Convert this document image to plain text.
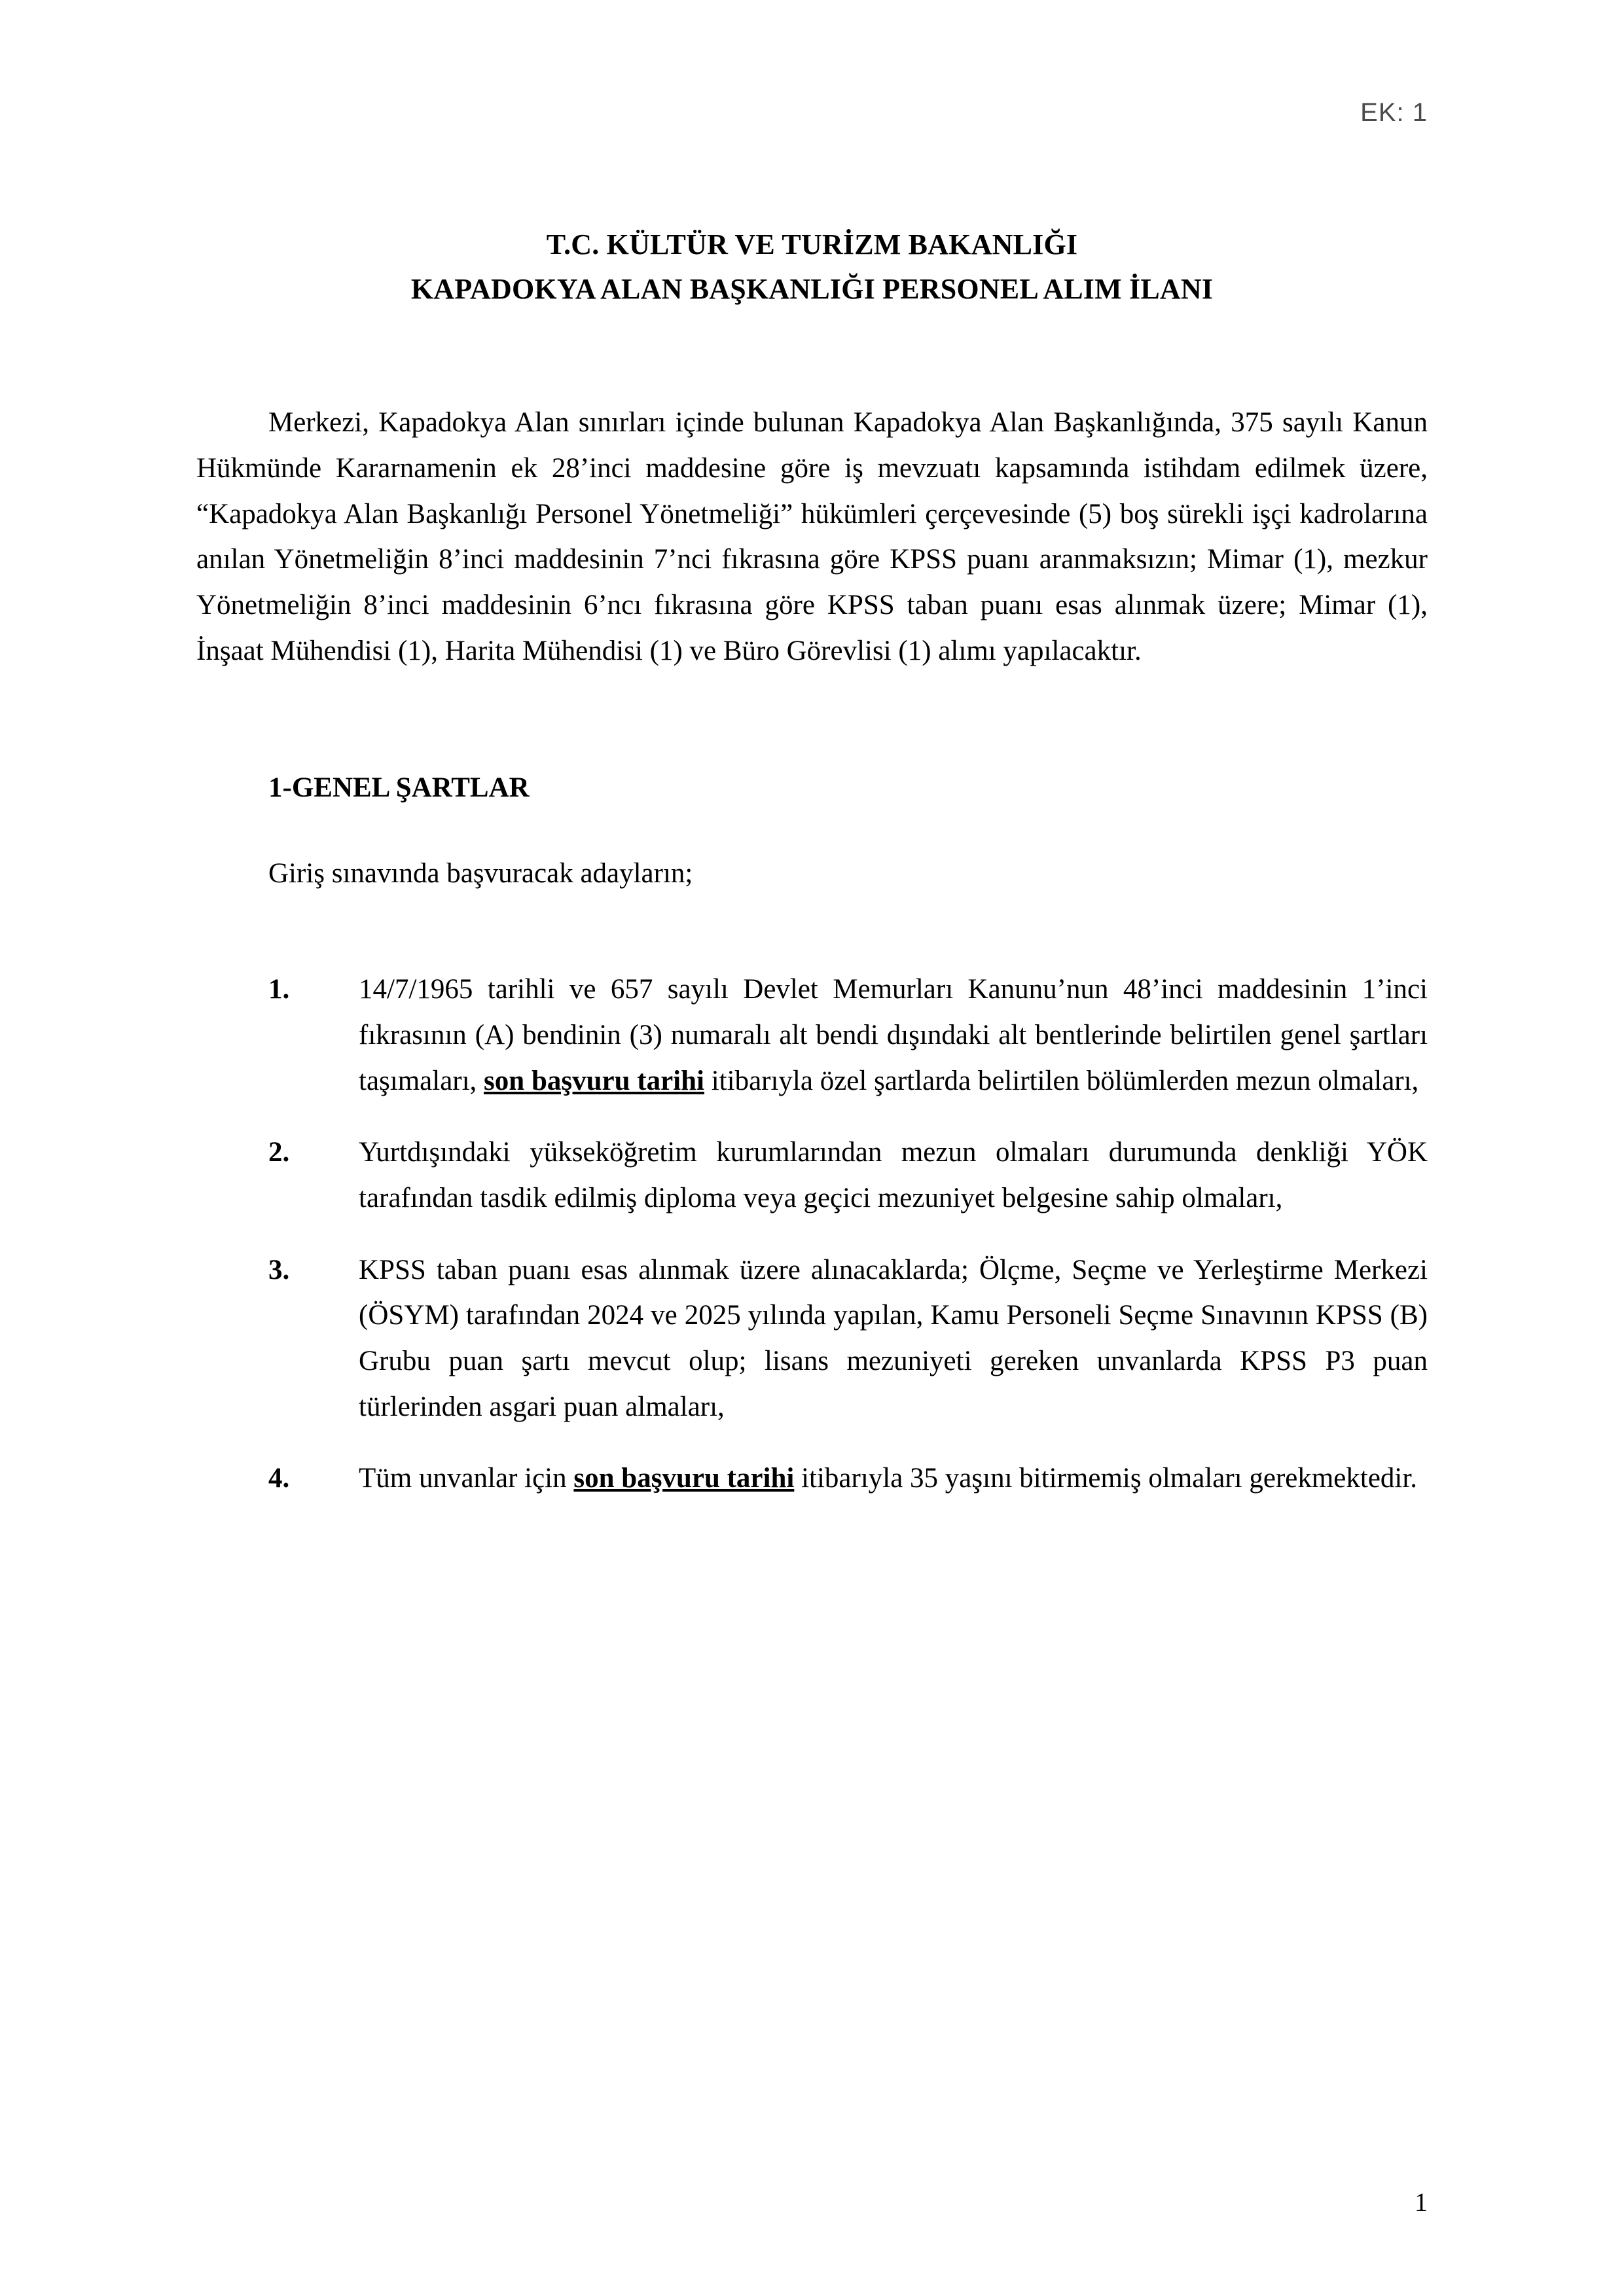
EK: 1
T.C. KÜLTÜR VE TURİZM BAKANLIĞI
KAPADOKYA ALAN BAŞKANLIĞI PERSONEL ALIM İLANI

Merkezi, Kapadokya Alan sınırları içinde bulunan Kapadokya Alan Başkanlığında, 375 sayılı Kanun Hükmünde Kararnamenin ek 28’inci maddesine göre iş mevzuatı kapsamında istihdam edilmek üzere, “Kapadokya Alan Başkanlığı Personel Yönetmeliği” hükümleri çerçevesinde (5) boş sürekli işçi kadrolarına anılan Yönetmeliğin 8’inci maddesinin 7’nci fıkrasına göre KPSS puanı aranmaksızın; Mimar (1), mezkur Yönetmeliğin 8’inci maddesinin 6’ncı fıkrasına göre KPSS taban puanı esas alınmak üzere; Mimar (1), İnşaat Mühendisi (1), Harita Mühendisi (1) ve Büro Görevlisi (1) alımı yapılacaktır.

1-GENEL ŞARTLAR
Giriş sınavında başvuracak adayların;
1.	14/7/1965 tarihli ve 657 sayılı Devlet Memurları Kanunu’nun 48’inci maddesinin 1’inci fıkrasının (A) bendinin (3) numaralı alt bendi dışındaki alt bentlerinde belirtilen genel şartları taşımaları, son başvuru tarihi itibarıyla özel şartlarda belirtilen bölümlerden mezun olmaları,
2.	Yurtdışındaki yükseköğretim kurumlarından mezun olmaları durumunda denkliği YÖK tarafından tasdik edilmiş diploma veya geçici mezuniyet belgesine sahip olmaları,
3.	KPSS taban puanı esas alınmak üzere alınacaklarda; Ölçme, Seçme ve Yerleştirme Merkezi (ÖSYM) tarafından 2024 ve 2025 yılında yapılan, Kamu Personeli Seçme Sınavının KPSS (B) Grubu puan şartı mevcut olup; lisans mezuniyeti gereken unvanlarda KPSS P3 puan türlerinden asgari puan almaları,
4.	Tüm unvanlar için son başvuru tarihi itibarıyla 35 yaşını bitirmemiş olmaları gerekmektedir.
1
